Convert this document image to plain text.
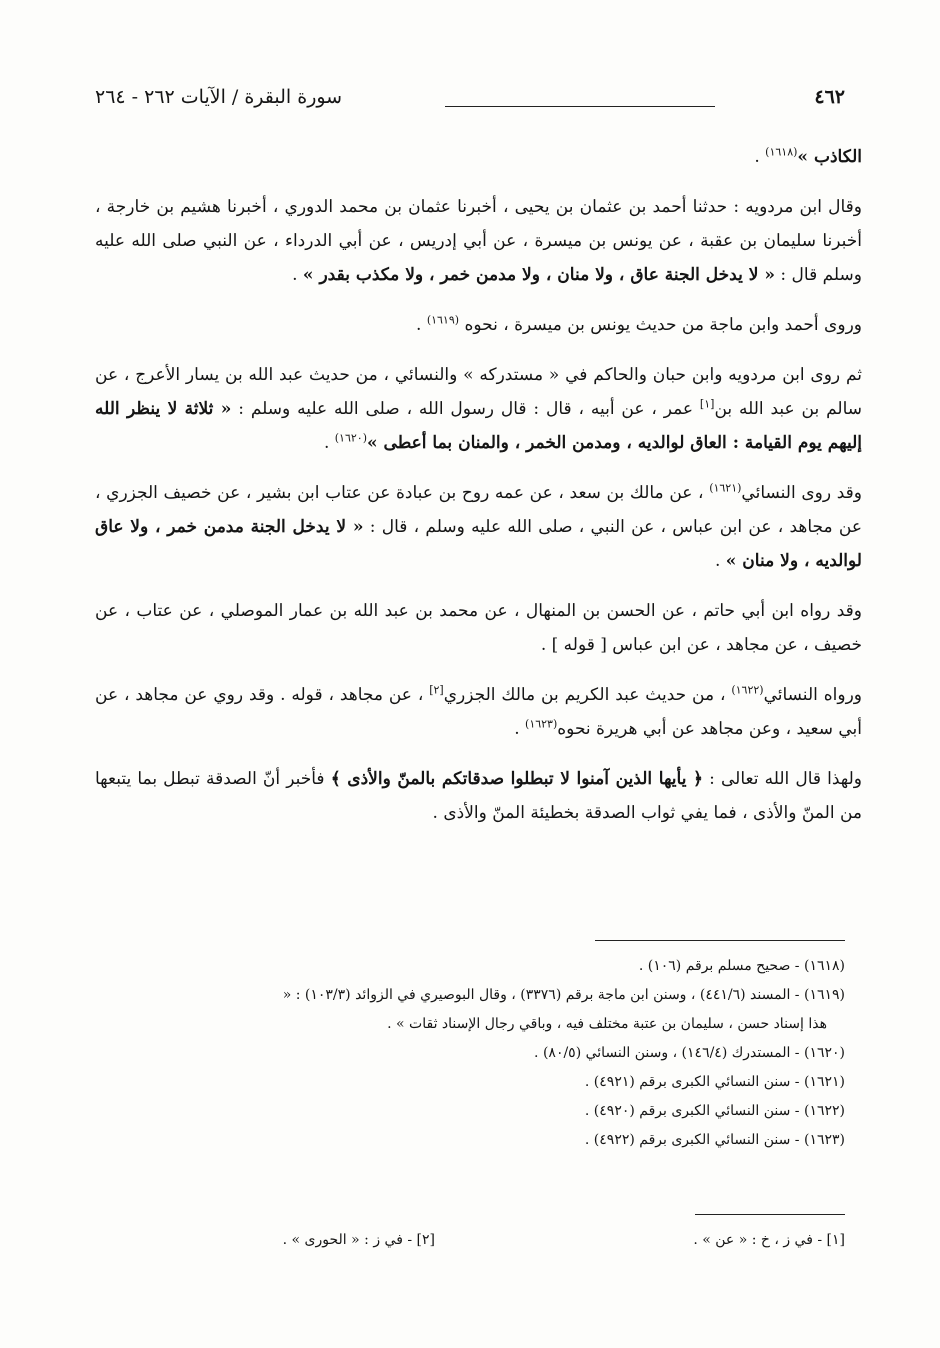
٤٦٢
سورة البقرة / الآيات ٢٦٢ - ٢٦٤

الكاذب »$^{(١٦١٨)}$ .

وقال ابن مردويه : حدثنا أحمد بن عثمان بن يحيى ، أخبرنا عثمان بن محمد الدوري ، أخبرنا هشيم بن خارجة ، أخبرنا سليمان بن عقبة ، عن يونس بن ميسرة ، عن أبي إدريس ، عن أبي الدرداء ، عن النبي صلى الله عليه وسلم قال : « لا يدخل الجنة عاق ، ولا منان ، ولا مدمن خمر ، ولا مكذب بقدر » .

وروى أحمد وابن ماجة من حديث يونس بن ميسرة ، نحوه $^{(١٦١٩)}$ .

ثم روى ابن مردويه وابن حبان والحاكم في « مستدركه » والنسائي ، من حديث عبد الله بن يسار الأعرج ، عن سالم بن عبد الله بن[١] عمر ، عن أبيه ، قال : قال رسول الله ، صلى الله عليه وسلم : « ثلاثة لا ينظر الله إليهم يوم القيامة : العاق لوالديه ، ومدمن الخمر ، والمنان بما أعطى »$^{(١٦٢٠)}$ .

وقد روى النسائي$^{(١٦٢١)}$ ، عن مالك بن سعد ، عن عمه روح بن عبادة عن عتاب ابن بشير ، عن خصيف الجزري ، عن مجاهد ، عن ابن عباس ، عن النبي ، صلى الله عليه وسلم ، قال : « لا يدخل الجنة مدمن خمر ، ولا عاق لوالديه ، ولا منان » .

وقد رواه ابن أبي حاتم ، عن الحسن بن المنهال ، عن محمد بن عبد الله بن عمار الموصلي ، عن عتاب ، عن خصيف ، عن مجاهد ، عن ابن عباس [ قوله ] .

ورواه النسائي$^{(١٦٢٢)}$ ، من حديث عبد الكريم بن مالك الجزري[٢] ، عن مجاهد ، قوله . وقد روي عن مجاهد ، عن أبي سعيد ، وعن مجاهد عن أبي هريرة نحوه$^{(١٦٢٣)}$ .

ولهذا قال الله تعالى : ﴿ يأيها الذين آمنوا لا تبطلوا صدقاتكم بالمنّ والأذى ﴾ فأخبر أنّ الصدقة تبطل بما يتبعها من المنّ والأذى ، فما يفي ثواب الصدقة بخطيئة المنّ والأذى .

(١٦١٨) - صحيح مسلم برقم (١٠٦) .

(١٦١٩) - المسند (٤٤١/٦) ، وسنن ابن ماجة برقم (٣٣٧٦) ، وقال البوصيري في الزوائد (١٠٣/٣) : «

هذا إسناد حسن ، سليمان بن عتبة مختلف فيه ، وباقي رجال الإسناد ثقات » .

(١٦٢٠) - المستدرك (١٤٦/٤) ، وسنن النسائي (٨٠/٥) .

(١٦٢١) - سنن النسائي الكبرى برقم (٤٩٢١) .

(١٦٢٢) - سنن النسائي الكبرى برقم (٤٩٢٠) .

(١٦٢٣) - سنن النسائي الكبرى برقم (٤٩٢٢) .

[١] - في ز ، خ : « عن » .
[٢] - في ز : « الحورى » .
